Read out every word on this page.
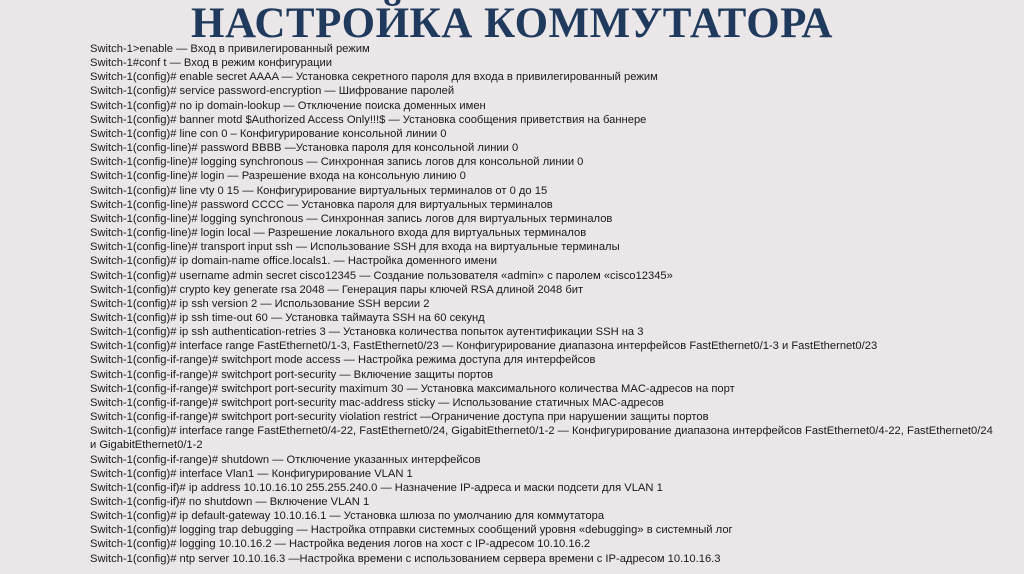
НАСТРОЙКА КОММУТАТОРА
Switch-1>enable — Вход в привилегированный режим
Switch-1#conf t — Вход в режим конфигурации
Switch-1(config)# enable secret AAAA — Установка секретного пароля для входа в привилегированный режим
Switch-1(config)# service password-encryption — Шифрование паролей
Switch-1(config)# no ip domain-lookup — Отключение поиска доменных имен
Switch-1(config)# banner motd $Authorized Access Only!!!$ — Установка сообщения приветствия на баннере
Switch-1(config)# line con 0 – Конфигурирование консольной линии 0
Switch-1(config-line)# password BBBB —Установка пароля для консольной линии 0
Switch-1(config-line)# logging synchronous — Синхронная запись логов для консольной линии 0
Switch-1(config-line)# login — Разрешение входа на консольную линию 0
Switch-1(config)# line vty 0 15 — Конфигурирование виртуальных терминалов от 0 до 15
Switch-1(config-line)# password CCCC — Установка пароля для виртуальных терминалов
Switch-1(config-line)# logging synchronous — Синхронная запись логов для виртуальных терминалов
Switch-1(config-line)# login local — Разрешение локального входа для виртуальных терминалов
Switch-1(config-line)# transport input ssh — Использование SSH для входа на виртуальные терминалы
Switch-1(config)# ip domain-name office.locals1. — Настройка доменного имени
Switch-1(config)# username admin secret cisco12345 — Создание пользователя «admin» с паролем «cisco12345»
Switch-1(config)# crypto key generate rsa 2048 — Генерация пары ключей RSA длиной 2048 бит
Switch-1(config)# ip ssh version 2 — Использование SSH версии 2
Switch-1(config)# ip ssh time-out 60 — Установка таймаута SSH на 60 секунд
Switch-1(config)# ip ssh authentication-retries 3 — Установка количества попыток аутентификации SSH на 3
Switch-1(config)# interface range FastEthernet0/1-3, FastEthernet0/23 — Конфигурирование диапазона интерфейсов FastEthernet0/1-3 и FastEthernet0/23
Switch-1(config-if-range)# switchport mode access — Настройка режима доступа для интерфейсов
Switch-1(config-if-range)# switchport port-security — Включение защиты портов
Switch-1(config-if-range)# switchport port-security maximum 30 — Установка максимального количества MAC-адресов на порт
Switch-1(config-if-range)# switchport port-security mac-address sticky — Использование статичных MAC-адресов
Switch-1(config-if-range)# switchport port-security violation restrict —Ограничение доступа при нарушении защиты портов
Switch-1(config)# interface range FastEthernet0/4-22, FastEthernet0/24, GigabitEthernet0/1-2 — Конфигурирование диапазона интерфейсов FastEthernet0/4-22, FastEthernet0/24 и GigabitEthernet0/1-2
Switch-1(config-if-range)# shutdown — Отключение указанных интерфейсов
Switch-1(config)# interface Vlan1 — Конфигурирование VLAN 1
Switch-1(config-if)# ip address 10.10.16.10 255.255.240.0 — Назначение IP-адреса и маски подсети для VLAN 1
Switch-1(config-if)# no shutdown — Включение VLAN 1
Switch-1(config)# ip default-gateway 10.10.16.1 — Установка шлюза по умолчанию для коммутатора
Switch-1(config)# logging trap debugging — Настройка отправки системных сообщений уровня «debugging» в системный лог
Switch-1(config)# logging 10.10.16.2 — Настройка ведения логов на хост с IP-адресом 10.10.16.2
Switch-1(config)# ntp server 10.10.16.3 —Настройка времени с использованием сервера времени с IP-адресом 10.10.16.3
